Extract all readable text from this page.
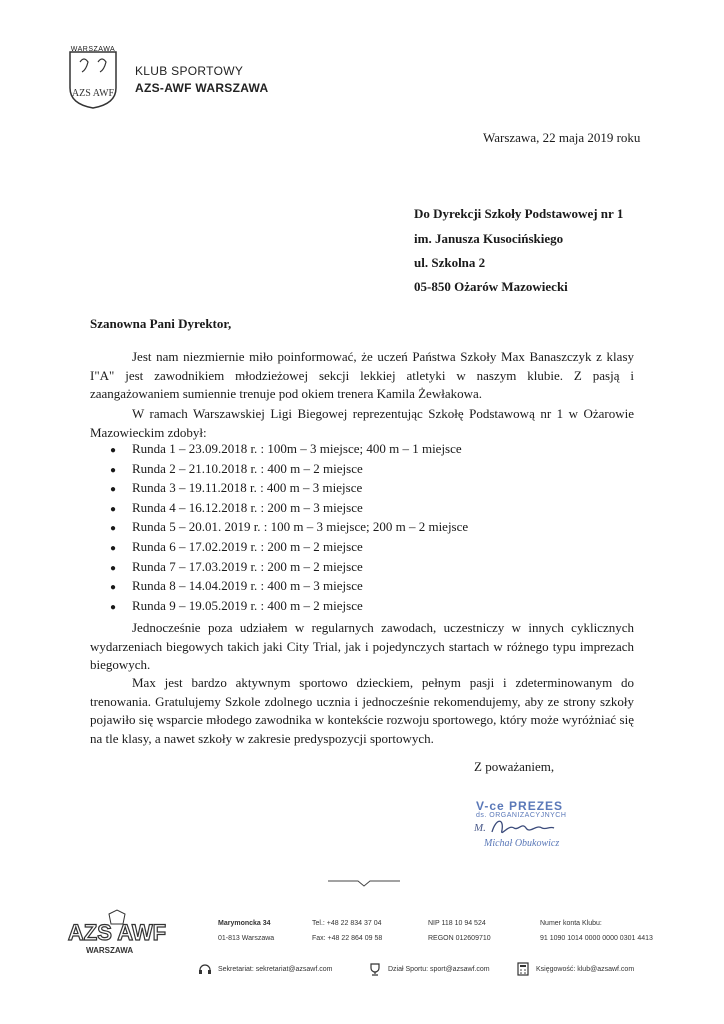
WARSZAWA
AZS AWF
KLUB SPORTOWY
AZS-AWF WARSZAWA
Warszawa, 22 maja 2019 roku
Do Dyrekcji Szkoły Podstawowej nr 1
im. Janusza Kusocińskiego
ul. Szkolna 2
05-850 Ożarów Mazowiecki
Szanowna Pani Dyrektor,
Jest nam niezmiernie miło poinformować, że uczeń Państwa Szkoły Max Banaszczyk z klasy I"A" jest zawodnikiem młodzieżowej sekcji lekkiej atletyki w naszym klubie. Z pasją i zaangażowaniem sumiennie trenuje pod okiem trenera Kamila Żewłakowa.
W ramach Warszawskiej Ligi Biegowej reprezentując Szkołę Podstawową nr 1 w Ożarowie Mazowieckim zdobył:
● Runda 1 – 23.09.2018 r. : 100m – 3 miejsce; 400 m – 1 miejsce
● Runda 2 – 21.10.2018 r. : 400 m – 2 miejsce
● Runda 3 – 19.11.2018 r. : 400 m – 3 miejsce
● Runda 4 – 16.12.2018 r. : 200 m – 3 miejsce
● Runda 5 – 20.01. 2019 r. : 100 m – 3 miejsce; 200 m – 2 miejsce
● Runda 6 – 17.02.2019 r. : 200 m – 2 miejsce
● Runda 7 – 17.03.2019 r. : 200 m – 2 miejsce
● Runda 8 – 14.04.2019 r. : 400 m – 3 miejsce
● Runda 9 – 19.05.2019 r. : 400 m – 2 miejsce
Jednocześnie poza udziałem w regularnych zawodach, uczestniczy w innych cyklicznych wydarzeniach biegowych takich jaki City Trial, jak i pojedynczych startach w różnego typu imprezach biegowych.
Max jest bardzo aktywnym sportowo dzieckiem, pełnym pasji i zdeterminowanym do trenowania. Gratulujemy Szkole zdolnego ucznia i jednocześnie rekomendujemy, aby ze strony szkoły pojawiło się wsparcie młodego zawodnika w kontekście rozwoju sportowego, który może wyróżniać się na tle klasy, a nawet szkoły w zakresie predyspozycji sportowych.
Z poważaniem,
V-ce PREZES
ds. ORGANIZACYJNYCH
M.
Michał Obukowicz
AZS AWF
WARSZAWA
Marymoncka 34
01-813 Warszawa
Tel.: +48 22 834 37 04
Fax: +48 22 864 09 58
NIP 118 10 94 524
REGON 012609710
Numer konta Klubu:
91 1090 1014 0000 0000 0301 4413
Sekretariat: sekretariat@azsawf.com	Dział Sportu: sport@azsawf.com	Księgowość: klub@azsawf.com
